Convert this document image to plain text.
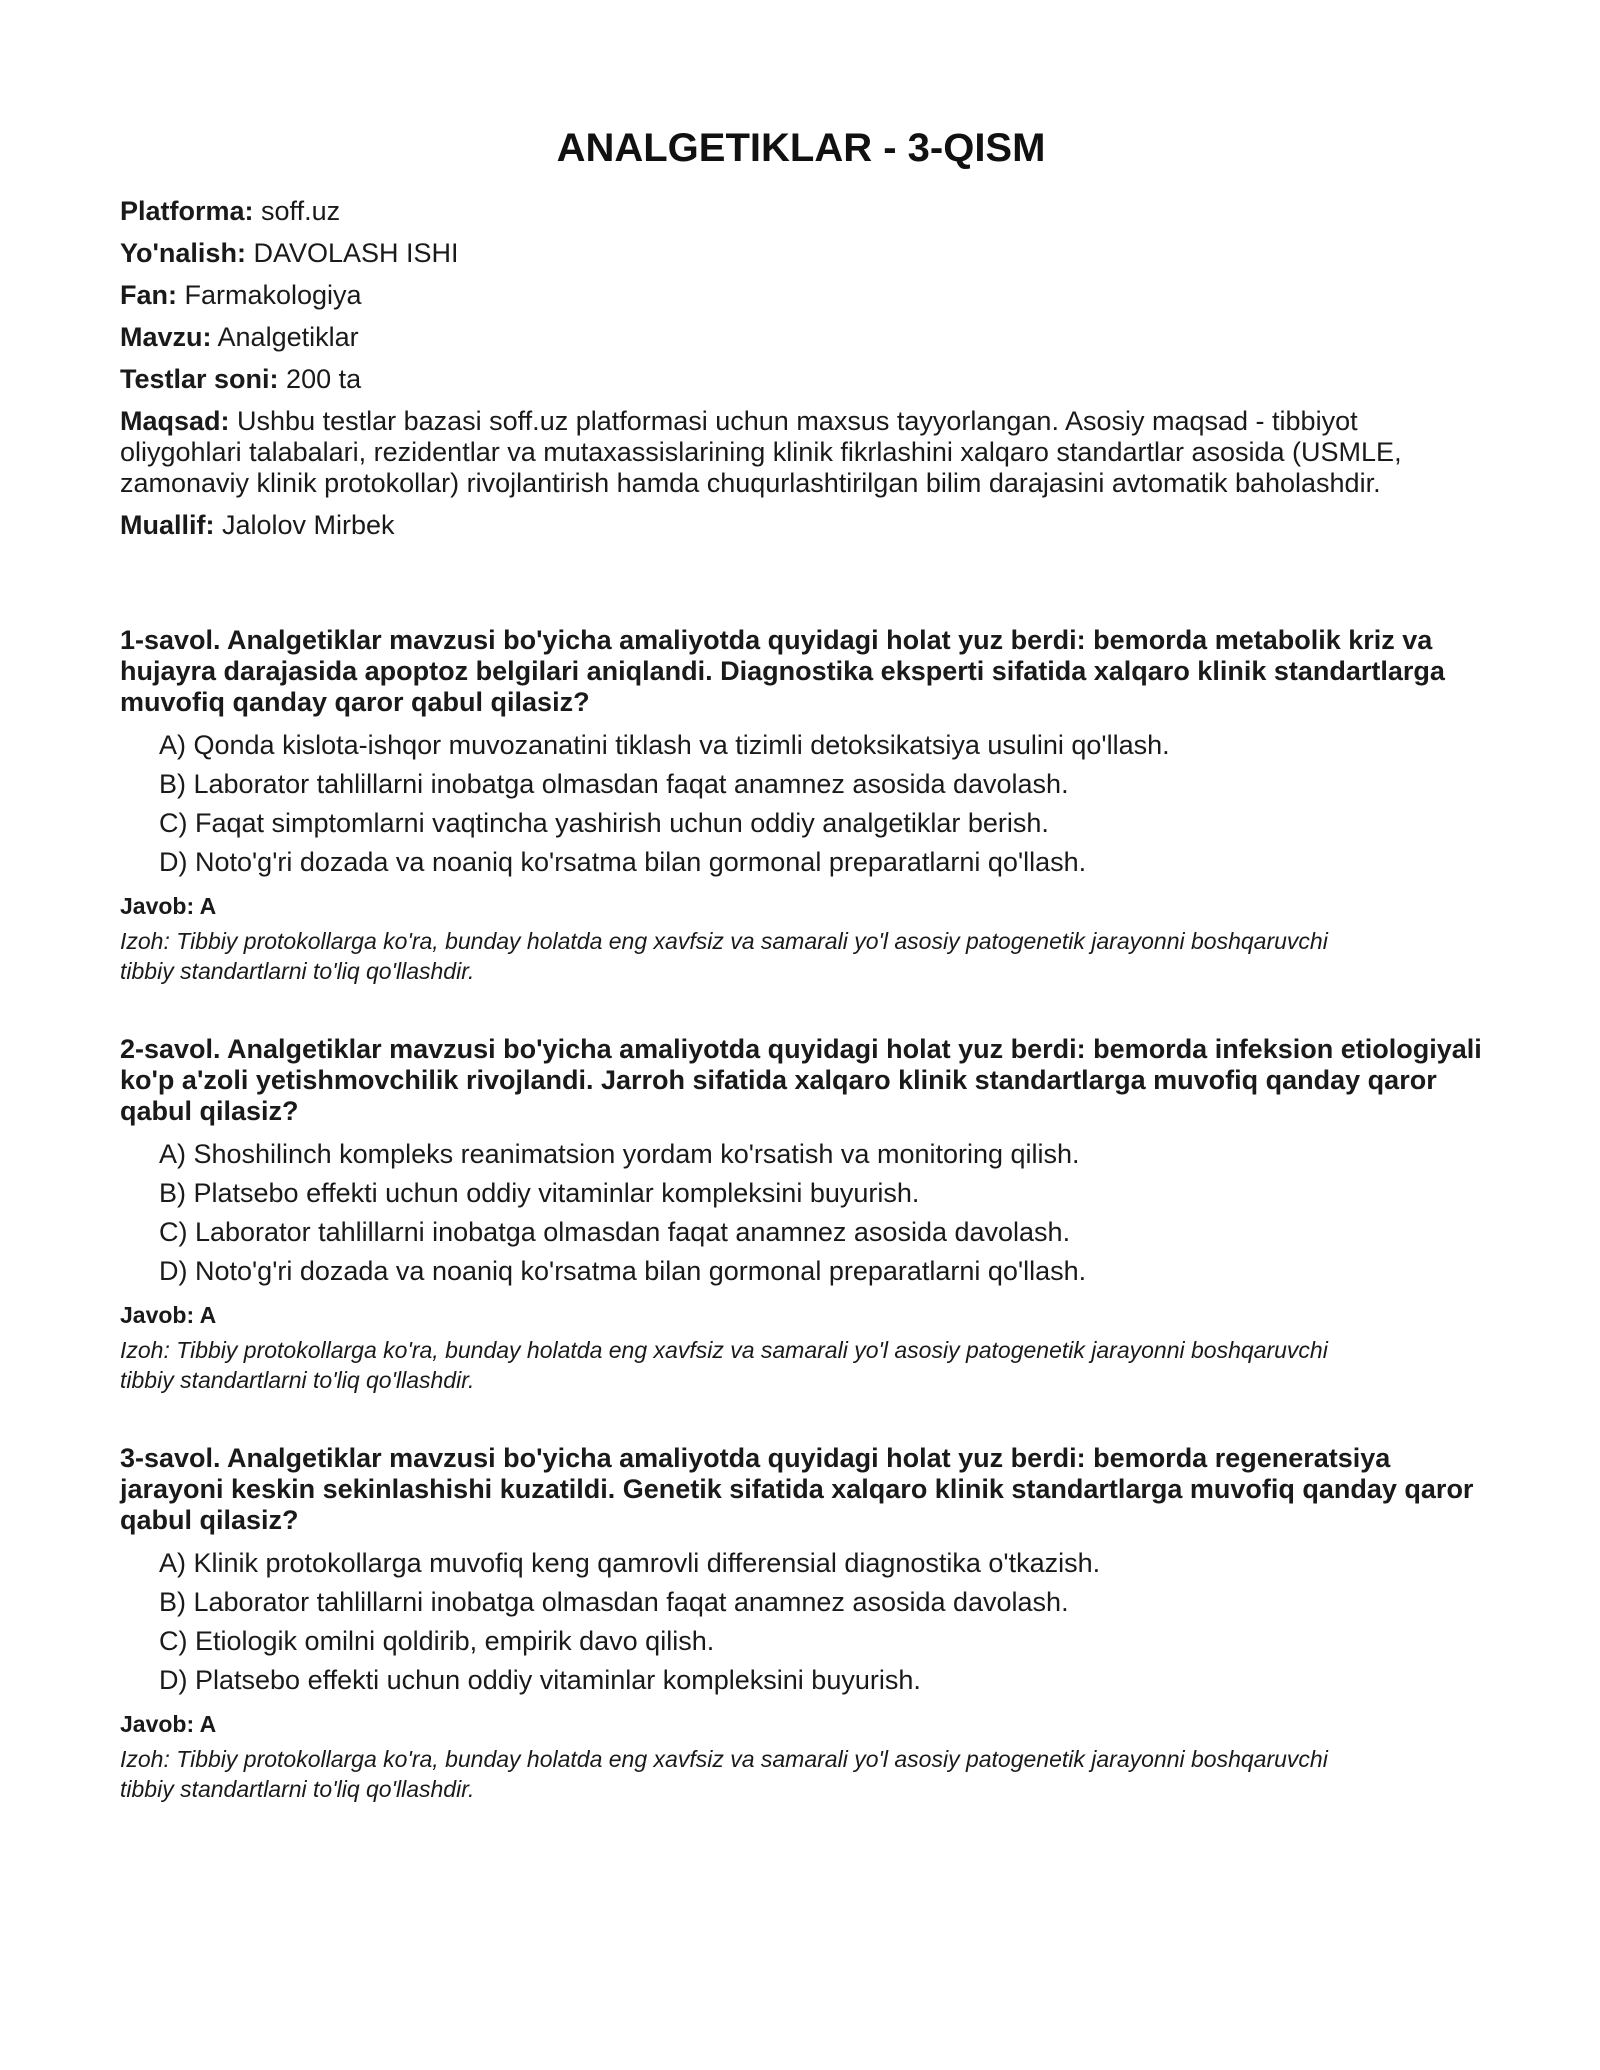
ANALGETIKLAR - 3-QISM
Platforma: soff.uz
Yo'nalish: DAVOLASH ISHI
Fan: Farmakologiya
Mavzu: Analgetiklar
Testlar soni: 200 ta
Maqsad: Ushbu testlar bazasi soff.uz platformasi uchun maxsus tayyorlangan. Asosiy maqsad - tibbiyot oliygohlari talabalari, rezidentlar va mutaxassislarining klinik fikrlashini xalqaro standartlar asosida (USMLE, zamonaviy klinik protokollar) rivojlantirish hamda chuqurlashtirilgan bilim darajasini avtomatik baholashdir.
Muallif: Jalolov Mirbek
1-savol. Analgetiklar mavzusi bo'yicha amaliyotda quyidagi holat yuz berdi: bemorda metabolik kriz va hujayra darajasida apoptoz belgilari aniqlandi. Diagnostika eksperti sifatida xalqaro klinik standartlarga muvofiq qanday qaror qabul qilasiz?
A) Qonda kislota-ishqor muvozanatini tiklash va tizimli detoksikatsiya usulini qo'llash.
B) Laborator tahlillarni inobatga olmasdan faqat anamnez asosida davolash.
C) Faqat simptomlarni vaqtincha yashirish uchun oddiy analgetiklar berish.
D) Noto'g'ri dozada va noaniq ko'rsatma bilan gormonal preparatlarni qo'llash.
Javob: A
Izoh: Tibbiy protokollarga ko'ra, bunday holatda eng xavfsiz va samarali yo'l asosiy patogenetik jarayonni boshqaruvchi tibbiy standartlarni to'liq qo'llashdir.
2-savol. Analgetiklar mavzusi bo'yicha amaliyotda quyidagi holat yuz berdi: bemorda infeksion etiologiyali ko'p a'zoli yetishmovchilik rivojlandi. Jarroh sifatida xalqaro klinik standartlarga muvofiq qanday qaror qabul qilasiz?
A) Shoshilinch kompleks reanimatsion yordam ko'rsatish va monitoring qilish.
B) Platsebo effekti uchun oddiy vitaminlar kompleksini buyurish.
C) Laborator tahlillarni inobatga olmasdan faqat anamnez asosida davolash.
D) Noto'g'ri dozada va noaniq ko'rsatma bilan gormonal preparatlarni qo'llash.
Javob: A
Izoh: Tibbiy protokollarga ko'ra, bunday holatda eng xavfsiz va samarali yo'l asosiy patogenetik jarayonni boshqaruvchi tibbiy standartlarni to'liq qo'llashdir.
3-savol. Analgetiklar mavzusi bo'yicha amaliyotda quyidagi holat yuz berdi: bemorda regeneratsiya jarayoni keskin sekinlashishi kuzatildi. Genetik sifatida xalqaro klinik standartlarga muvofiq qanday qaror qabul qilasiz?
A) Klinik protokollarga muvofiq keng qamrovli differensial diagnostika o'tkazish.
B) Laborator tahlillarni inobatga olmasdan faqat anamnez asosida davolash.
C) Etiologik omilni qoldirib, empirik davo qilish.
D) Platsebo effekti uchun oddiy vitaminlar kompleksini buyurish.
Javob: A
Izoh: Tibbiy protokollarga ko'ra, bunday holatda eng xavfsiz va samarali yo'l asosiy patogenetik jarayonni boshqaruvchi tibbiy standartlarni to'liq qo'llashdir.
